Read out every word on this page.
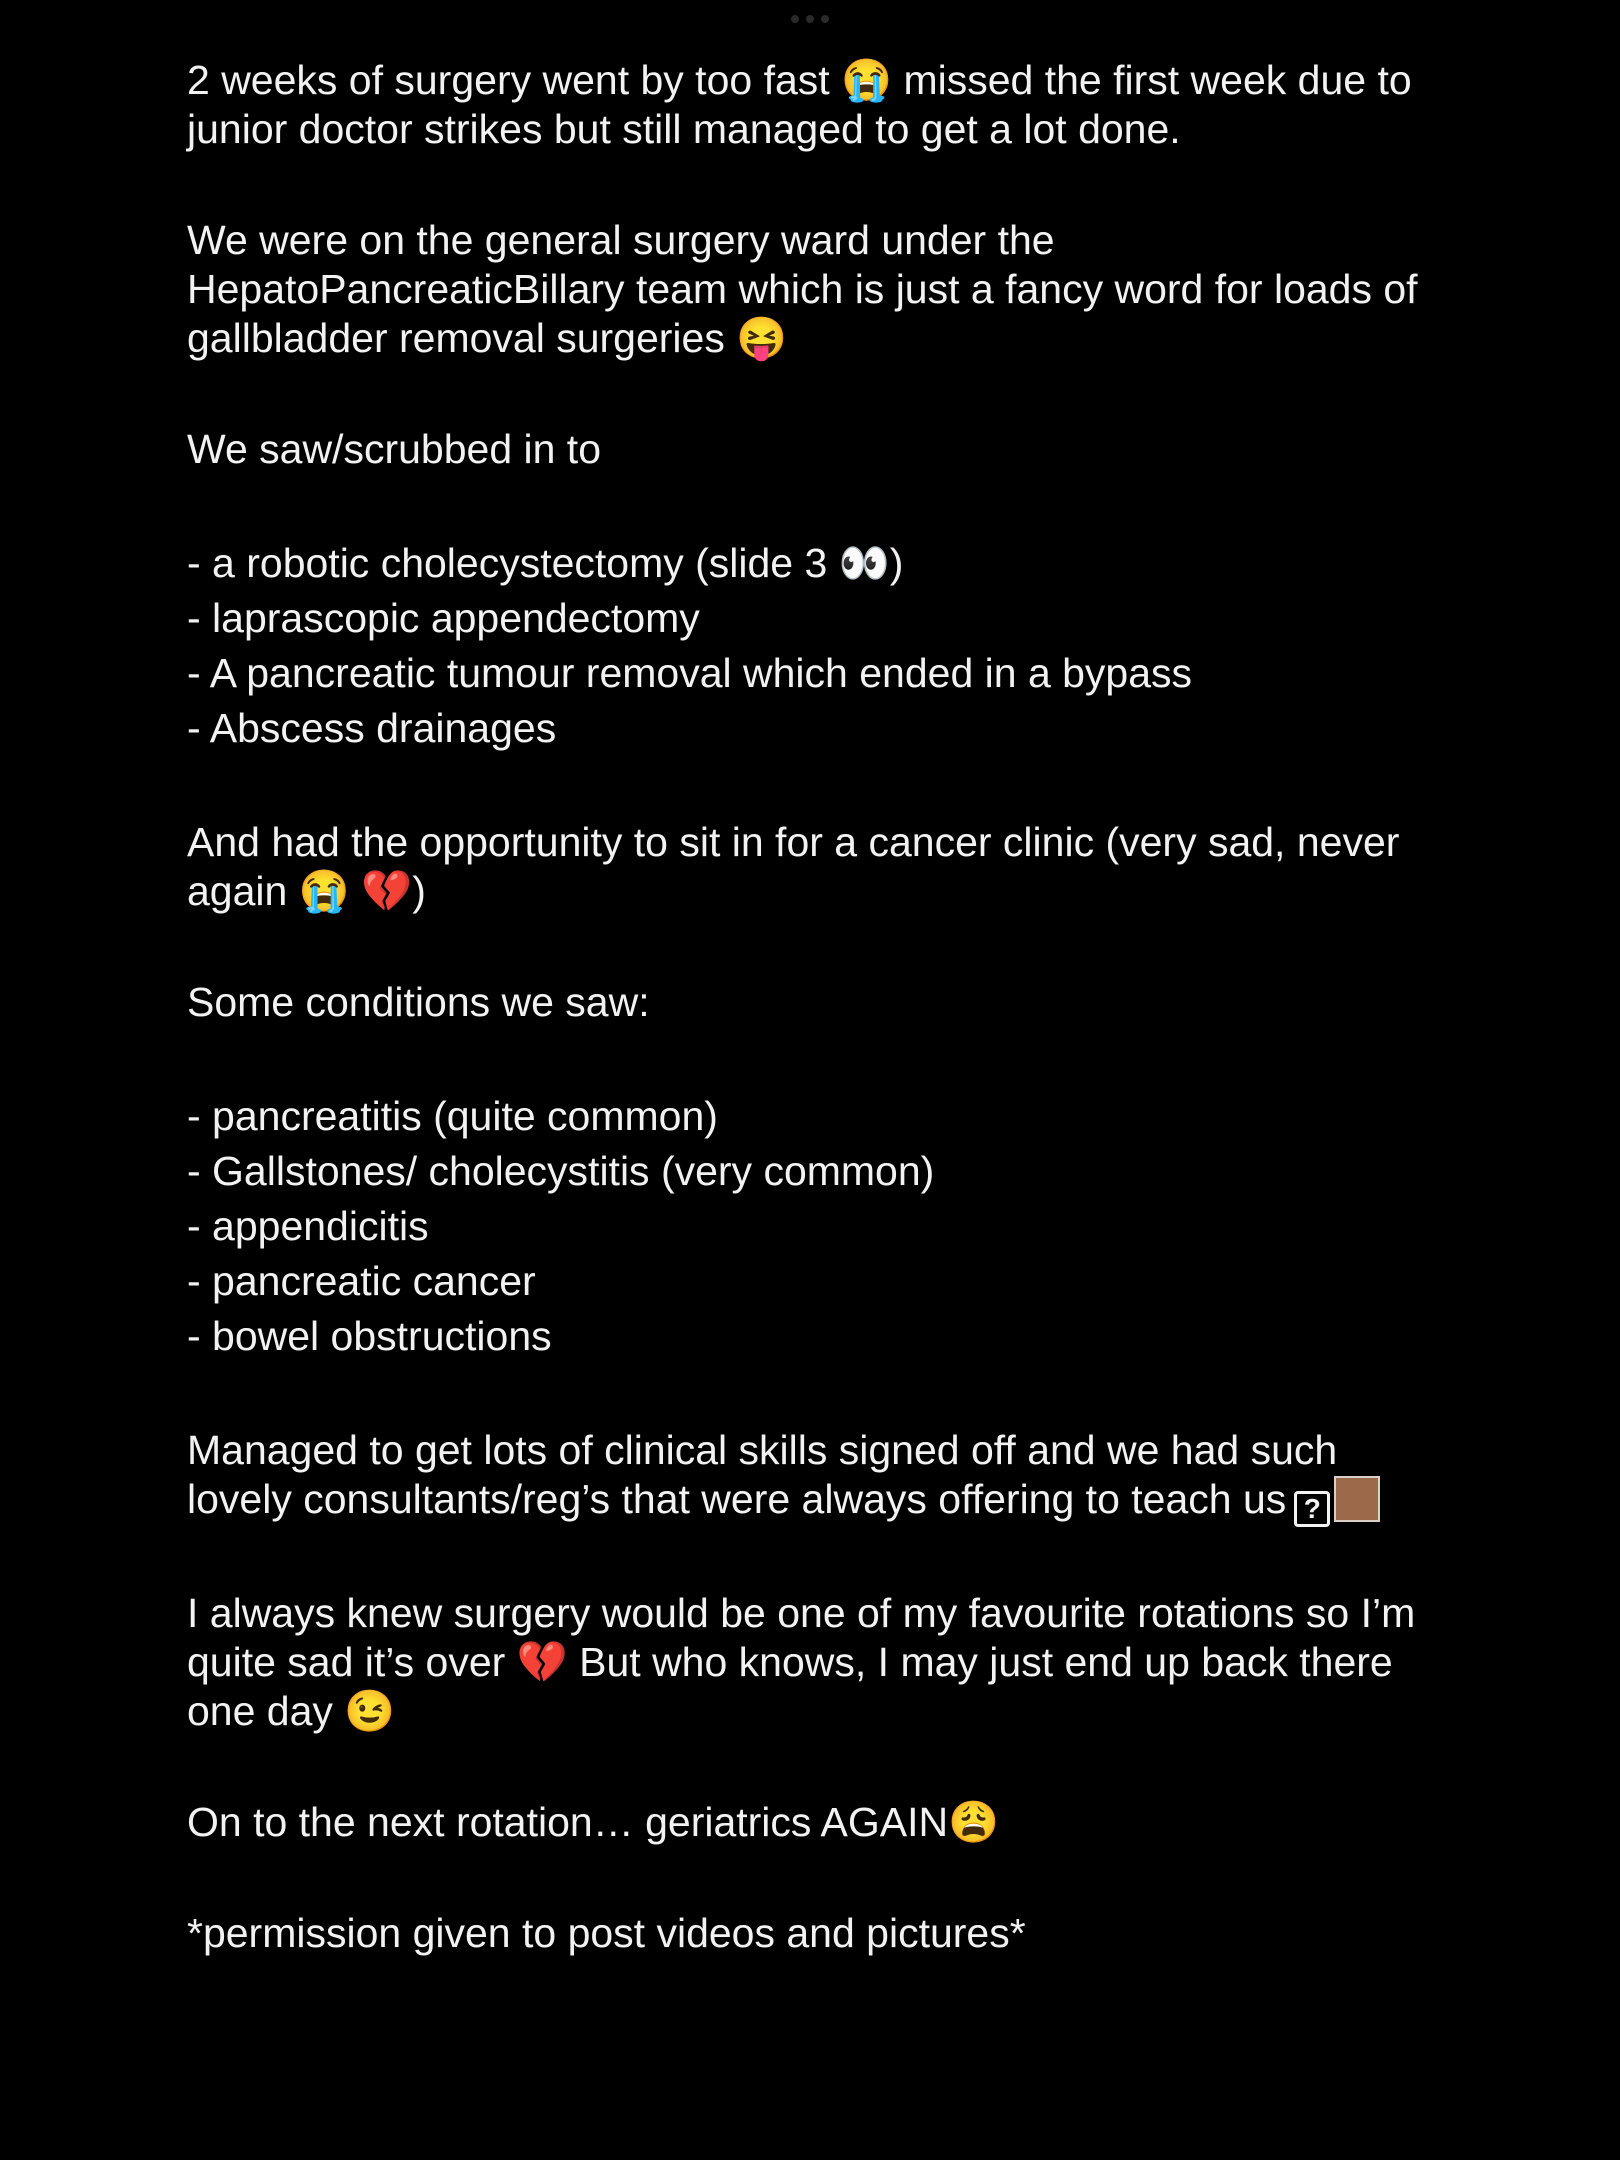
2 weeks of surgery went by too fast 😭 missed the first week due to junior doctor strikes but still managed to get a lot done.

We were on the general surgery ward under the HepatoPancreaticBillary team which is just a fancy word for loads of gallbladder removal surgeries 😝

We saw/scrubbed in to

- a robotic cholecystectomy (slide 3 👀)
- laprascopic appendectomy
- A pancreatic tumour removal which ended in a bypass
- Abscess drainages

And had the opportunity to sit in for a cancer clinic (very sad, never again 😭 💔)

Some conditions we saw:

- pancreatitis (quite common)
- Gallstones/ cholecystitis (very common)
- appendicitis
- pancreatic cancer
- bowel obstructions

Managed to get lots of clinical skills signed off and we had such lovely consultants/reg’s that were always offering to teach us ?

I always knew surgery would be one of my favourite rotations so I’m quite sad it’s over 💔 But who knows, I may just end up back there one day 😉

On to the next rotation… geriatrics AGAIN😩

*permission given to post videos and pictures*
